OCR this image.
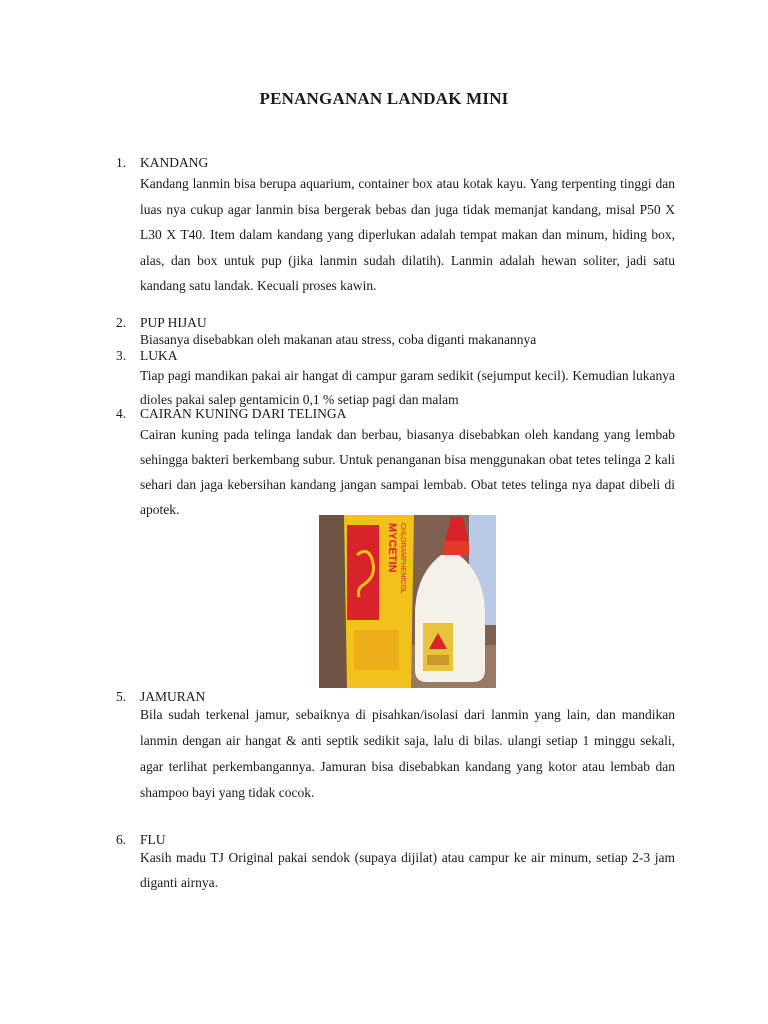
PENANGANAN LANDAK MINI
1. KANDANG

Kandang lanmin bisa berupa aquarium, container box atau kotak kayu. Yang terpenting tinggi dan luas nya cukup agar lanmin bisa bergerak bebas dan juga tidak memanjat kandang, misal P50 X L30 X T40. Item dalam kandang yang diperlukan adalah tempat makan dan minum, hiding box, alas, dan box untuk pup (jika lanmin sudah dilatih). Lanmin adalah hewan soliter, jadi satu kandang satu landak. Kecuali proses kawin.

2. PUP HIJAU

Biasanya disebabkan oleh makanan atau stress, coba diganti makanannya

3. LUKA

Tiap pagi mandikan pakai air hangat di campur garam sedikit (sejumput kecil). Kemudian lukanya dioles pakai salep gentamicin 0,1 % setiap pagi dan malam

4. CAIRAN KUNING DARI TELINGA

Cairan kuning pada telinga landak dan berbau, biasanya disebabkan oleh kandang yang lembab sehingga bakteri berkembang subur. Untuk penanganan bisa menggunakan obat tetes telinga 2 kali sehari dan jaga kebersihan kandang jangan sampai lembab. Obat tetes telinga nya dapat dibeli di apotek.

MYCETIN CHLORAMPHENICOL
5. JAMURAN

Bila sudah terkenal jamur, sebaiknya di pisahkan/isolasi dari lanmin yang lain, dan mandikan lanmin dengan air hangat & anti septik sedikit saja, lalu di bilas. ulangi setiap 1 minggu sekali, agar terlihat perkembangannya. Jamuran bisa disebabkan kandang yang kotor atau lembab dan shampoo bayi yang tidak cocok.

6. FLU

Kasih madu TJ Original pakai sendok (supaya dijilat) atau campur ke air minum, setiap 2-3 jam diganti airnya.
